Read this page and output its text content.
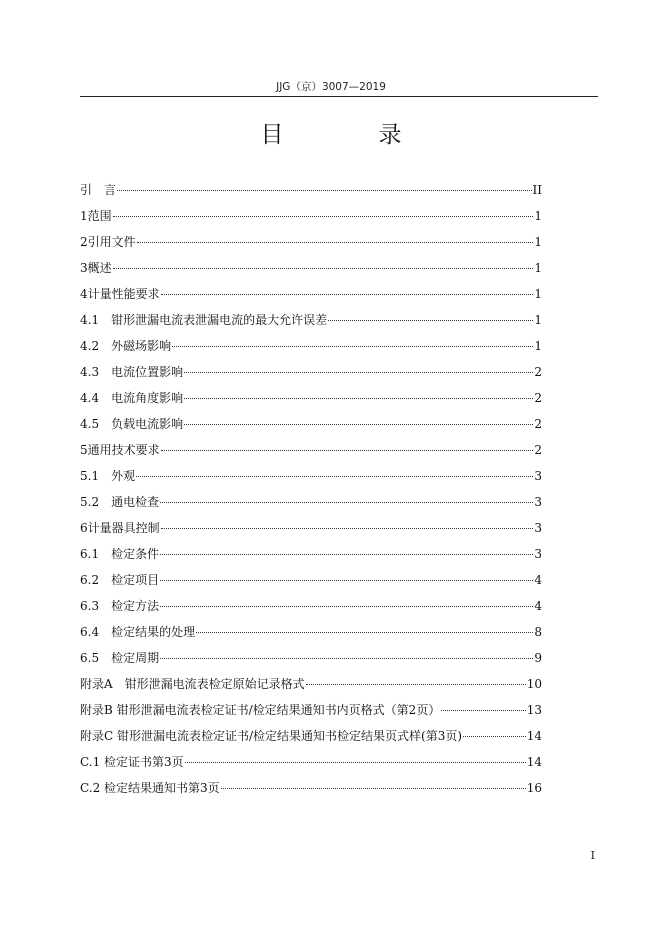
JJG（京）3007—2019
目　录
引　言	II
1范围	1
2引用文件	1
3概述	1
4计量性能要求	1
4.1　钳形泄漏电流表泄漏电流的最大允许误差	1
4.2　外磁场影响	1
4.3　电流位置影响	2
4.4　电流角度影响	2
4.5　负载电流影响	2
5通用技术要求	2
5.1　外观	3
5.2　通电检查	3
6计量器具控制	3
6.1　检定条件	3
6.2　检定项目	4
6.3　检定方法	4
6.4　检定结果的处理	8
6.5　检定周期	9
附录A　钳形泄漏电流表检定原始记录格式	10
附录B 钳形泄漏电流表检定证书/检定结果通知书内页格式（第2页）	13
附录C 钳形泄漏电流表检定证书/检定结果通知书检定结果页式样(第3页)	14
C.1 检定证书第3页	14
C.2 检定结果通知书第3页	16
I
